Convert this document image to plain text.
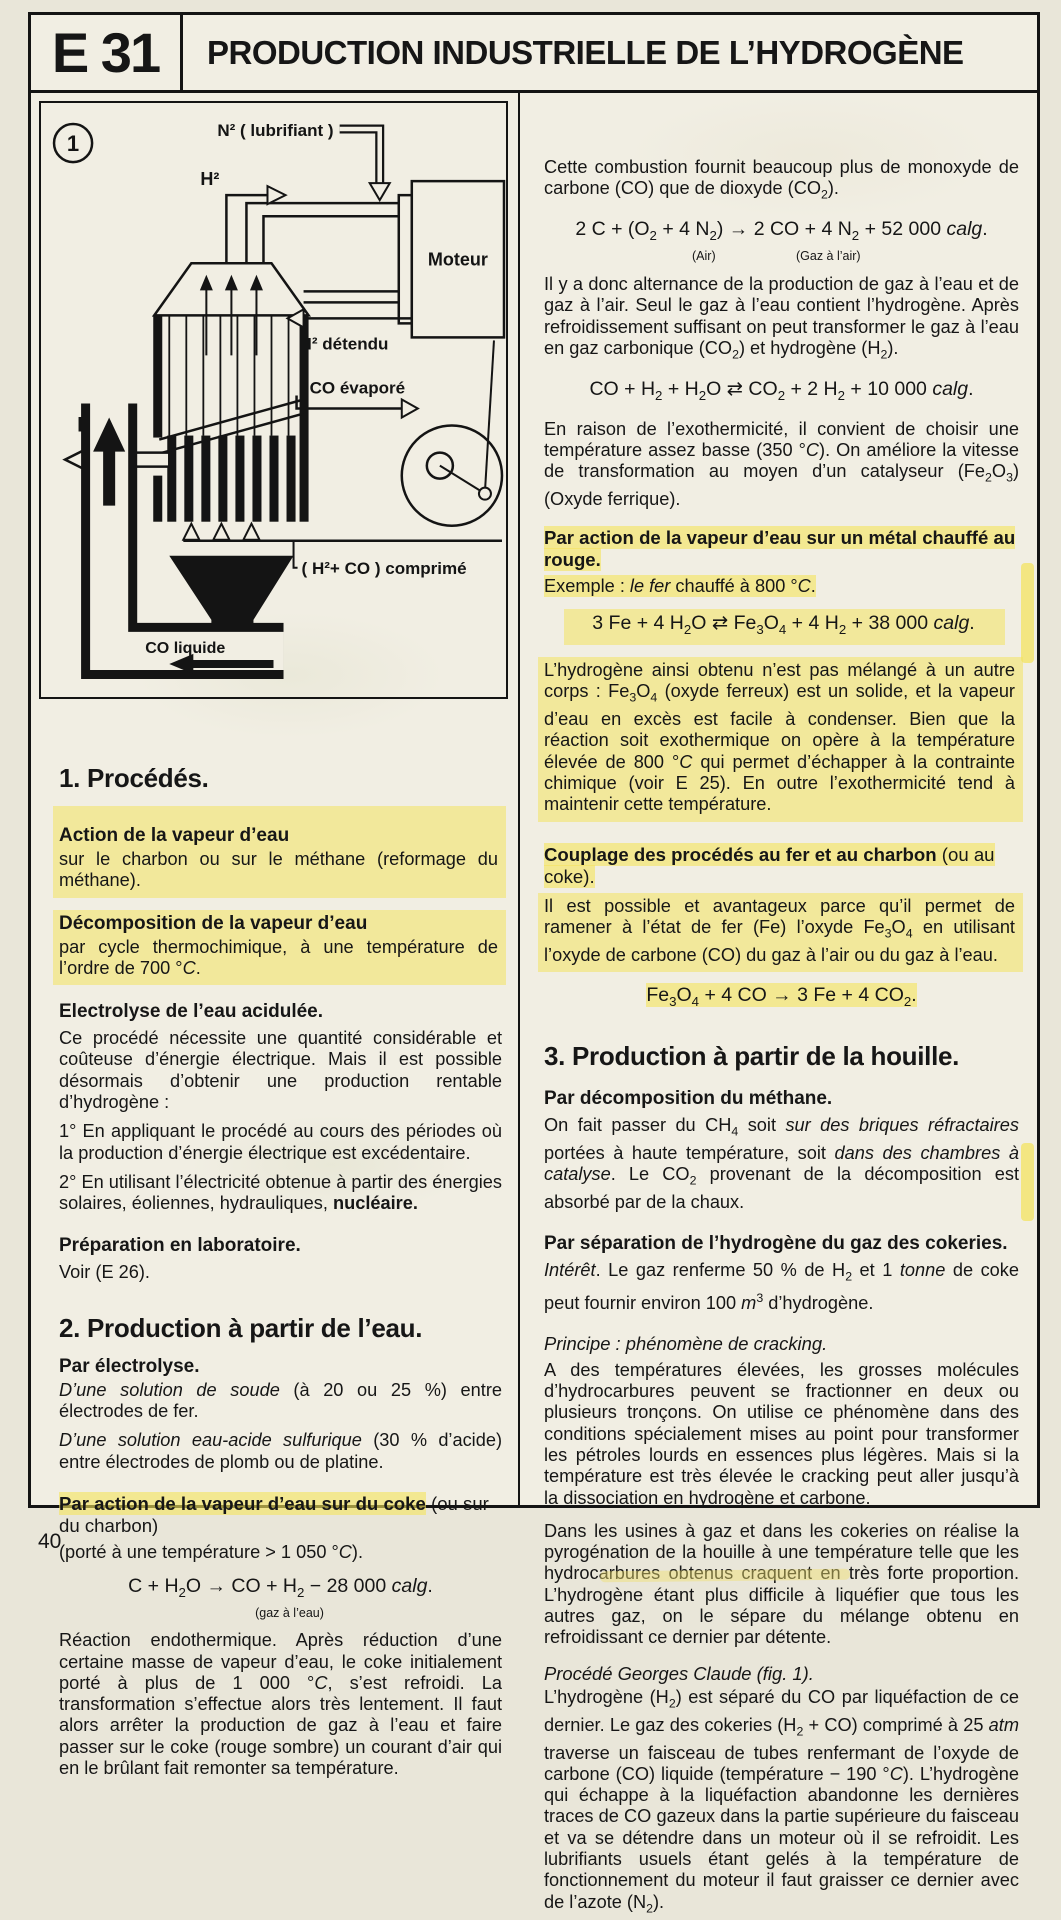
E 31	PRODUCTION INDUSTRIELLE DE L’HYDROGÈNE
1
N² ( lubrifiant )
H²
Moteur
H²
H² détendu
CO évaporé
( H²+ CO ) comprimé
CO liquide
1. Procédés.
Action de la vapeur d’eau

sur le charbon ou sur le méthane (reformage du méthane).

Décomposition de la vapeur d’eau

par cycle thermochimique, à une température de l’ordre de 700 °C.

Electrolyse de l’eau acidulée.

Ce procédé nécessite une quantité considérable et coûteuse d’énergie électrique. Mais il est possible désormais d’obtenir une production rentable d’hydrogène :

1° En appliquant le procédé au cours des périodes où la production d’énergie électrique est excédentaire.

2° En utilisant l’électricité obtenue à partir des énergies solaires, éoliennes, hydrauliques, nucléaire.

Préparation en laboratoire.

Voir (E 26).

2. Production à partir de l’eau.
Par électrolyse.

D’une solution de soude (à 20 ou 25 %) entre électrodes de fer.

D’une solution eau-acide sulfurique (30 % d’acide) entre électrodes de plomb ou de platine.

Par action de la vapeur d’eau sur du coke (ou sur du charbon)

(porté à une température > 1 050 °C).

$C + H_2O$ → CO + $H_2 - 28$ 000 calg.
(gaz à l’eau)

Réaction endothermique. Après réduction d’une certaine masse de vapeur d’eau, le coke initialement porté à plus de 1 000 °C, s’est refroidi. La transformation s’effectue alors très lentement. Il faut alors arrêter la production de gaz à l’eau et faire passer sur le coke (rouge sombre) un courant d’air qui en le brûlant fait remonter sa température.

Cette combustion fournit beaucoup plus de monoxyde de carbone (CO) que de dioxyde $(CO_2)$.

2 $C + (O_2 + 4$ $N_2) \to 2$ CO + 4 $N_2 + 52$ 000 calg.
(Air)	(Gaz à l’air)

Il y a donc alternance de la production de gaz à l’eau et de gaz à l’air. Seul le gaz à l’eau contient l’hydrogène. Après refroidissement suffisant on peut transformer le gaz à l’eau en gaz carbonique $(CO_2)$ et hydrogène $(H_2)$.

CO + $H_2 + H_2O$ ⇄ $CO_2 + 2$ $H_2 + 10$ 000 calg.

En raison de l’exothermicité, il convient de choisir une température assez basse (350 °C). On améliore la vitesse de transformation au moyen d’un catalyseur $(Fe_2O_3)$ (Oxyde ferrique).

Par action de la vapeur d’eau sur un métal chauffé au rouge.

Exemple : le fer chauffé à 800 °C.

3 Fe + 4 $H_2O$ ⇄ $Fe_3O_4 + 4$ $H_2 + 38$ 000 calg.

L’hydrogène ainsi obtenu n’est pas mélangé à un autre corps : $Fe_3O_4$ (oxyde ferreux) est un solide, et la vapeur d’eau en excès est facile à condenser. Bien que la réaction soit exothermique on opère à la température élevée de 800 °C qui permet d’échapper à la contrainte chimique (voir E 25). En outre l’exothermicité tend à maintenir cette température.

Couplage des procédés au fer et au charbon (ou au coke).

Il est possible et avantageux parce qu’il permet de ramener à l’état de fer (Fe) l’oxyde $Fe_3O_4$ en utilisant l’oxyde de carbone (CO) du gaz à l’air ou du gaz à l’eau.

$Fe_3O_4 + 4$ CO → 3 Fe + 4 $CO_2$.
3. Production à partir de la houille.
Par décomposition du méthane.

On fait passer du $CH_4$ soit sur des briques réfractaires portées à haute température, soit dans des chambres à catalyse. Le $CO_2$ provenant de la décomposition est absorbé par de la chaux.

Par séparation de l’hydrogène du gaz des cokeries.

Intérêt. Le gaz renferme 50 % de $H_2$ et 1 tonne de coke peut fournir environ 100 $m^3$ d’hydrogène.

Principe : phénomène de cracking.

A des températures élevées, les grosses molécules d’hydrocarbures peuvent se fractionner en deux ou plusieurs tronçons. On utilise ce phénomène dans des conditions spécialement mises au point pour transformer les pétroles lourds en essences plus légères. Mais si la température est très élevée le cracking peut aller jusqu’à la dissociation en hydrogène et carbone.

Dans les usines à gaz et dans les cokeries on réalise la pyrogénation de la houille à une température telle que les hydrocarbures obtenus craquent en très forte proportion. L’hydrogène étant plus difficile à liquéfier que tous les autres gaz, on le sépare du mélange obtenu en refroidissant ce dernier par détente.

Procédé Georges Claude (fig. 1).

L’hydrogène $(H_2)$ est séparé du CO par liquéfaction de ce dernier. Le gaz des cokeries $(H_2 + CO)$ comprimé à 25 atm traverse un faisceau de tubes renfermant de l’oxyde de carbone (CO) liquide (température − 190 °C). L’hydrogène qui échappe à la liquéfaction abandonne les dernières traces de CO gazeux dans la partie supérieure du faisceau et va se détendre dans un moteur où il se refroidit. Les lubrifiants usuels étant gelés à la température de fonctionnement du moteur il faut graisser ce dernier avec de l’azote $(N_2)$.

40
